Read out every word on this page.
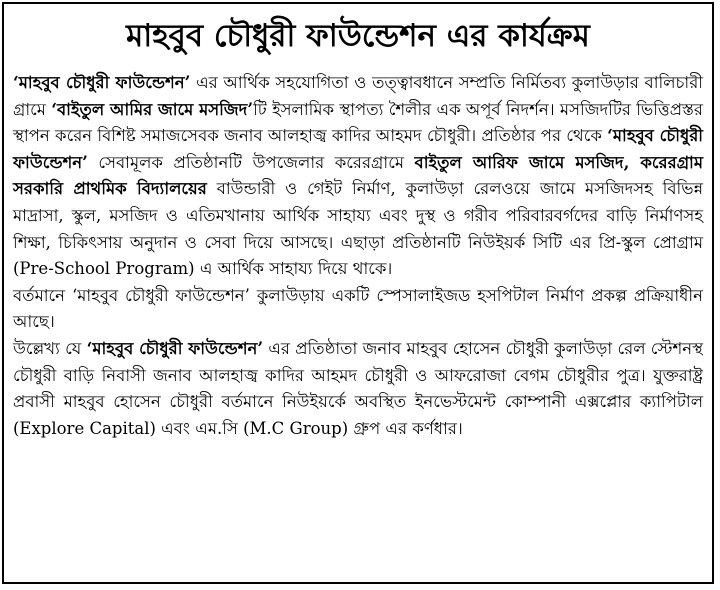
মাহবুব চৌধুরী ফাউন্ডেশন এর কার্যক্রম

‘মাহবুব চৌধুরী ফাউন্ডেশন’ এর আর্থিক সহযোগিতা ও তত্ত্বাবধানে সম্প্রতি নির্মিতব্য কুলাউড়ার বালিচারী গ্রামে ‘বাইতুল আমির জামে মসজিদ’টি ইসলামিক স্থাপত্য শৈলীর এক অপূর্ব নিদর্শন। মসজিদটির ভিত্তিপ্রস্তর স্থাপন করেন বিশিষ্ট সমাজসেবক জনাব আলহাজ্ব কাদির আহমদ চৌধুরী। প্রতিষ্ঠার পর থেকে ‘মাহবুব চৌধুরী ফাউন্ডেশন’ সেবামূলক প্রতিষ্ঠানটি উপজেলার করেরগ্রামে বাইতুল আরিফ জামে মসজিদ, করেরগ্রাম সরকারি প্রাথমিক বিদ্যালয়ের বাউন্ডারী ও গেইট নির্মাণ, কুলাউড়া রেলওয়ে জামে মসজিদসহ বিভিন্ন মাদ্রাসা, স্কুল, মসজিদ ও এতিমখানায় আর্থিক সাহায্য এবং দুস্থ ও গরীব পরিবারবর্গদের বাড়ি নির্মাণসহ শিক্ষা, চিকিৎসায় অনুদান ও সেবা দিয়ে আসছে। এছাড়া প্রতিষ্ঠানটি নিউইয়র্ক সিটি এর প্রি-স্কুল প্রোগ্রাম (Pre-School Program) এ আর্থিক সাহায্য দিয়ে থাকে।

বর্তমানে ‘মাহবুব চৌধুরী ফাউন্ডেশন’ কুলাউড়ায় একটি স্পেসালাইজড হসপিটাল নির্মাণ প্রকল্প প্রক্রিয়াধীন আছে।

উল্লেখ্য যে ‘মাহবুব চৌধুরী ফাউন্ডেশন’ এর প্রতিষ্ঠাতা জনাব মাহবুব হোসেন চৌধুরী কুলাউড়া রেল স্টেশনস্থ চৌধুরী বাড়ি নিবাসী জনাব আলহাজ্ব কাদির আহমদ চৌধুরী ও আফরোজা বেগম চৌধুরীর পুত্র। যুক্তরাষ্ট্র প্রবাসী মাহবুব হোসেন চৌধুরী বর্তমানে নিউইয়র্কে অবস্থিত ইনভেস্টমেন্ট কোম্পানী এক্সপ্লোর ক্যাপিটাল (Explore Capital) এবং এম.সি (M.C Group) গ্রুপ এর কর্ণধার।
